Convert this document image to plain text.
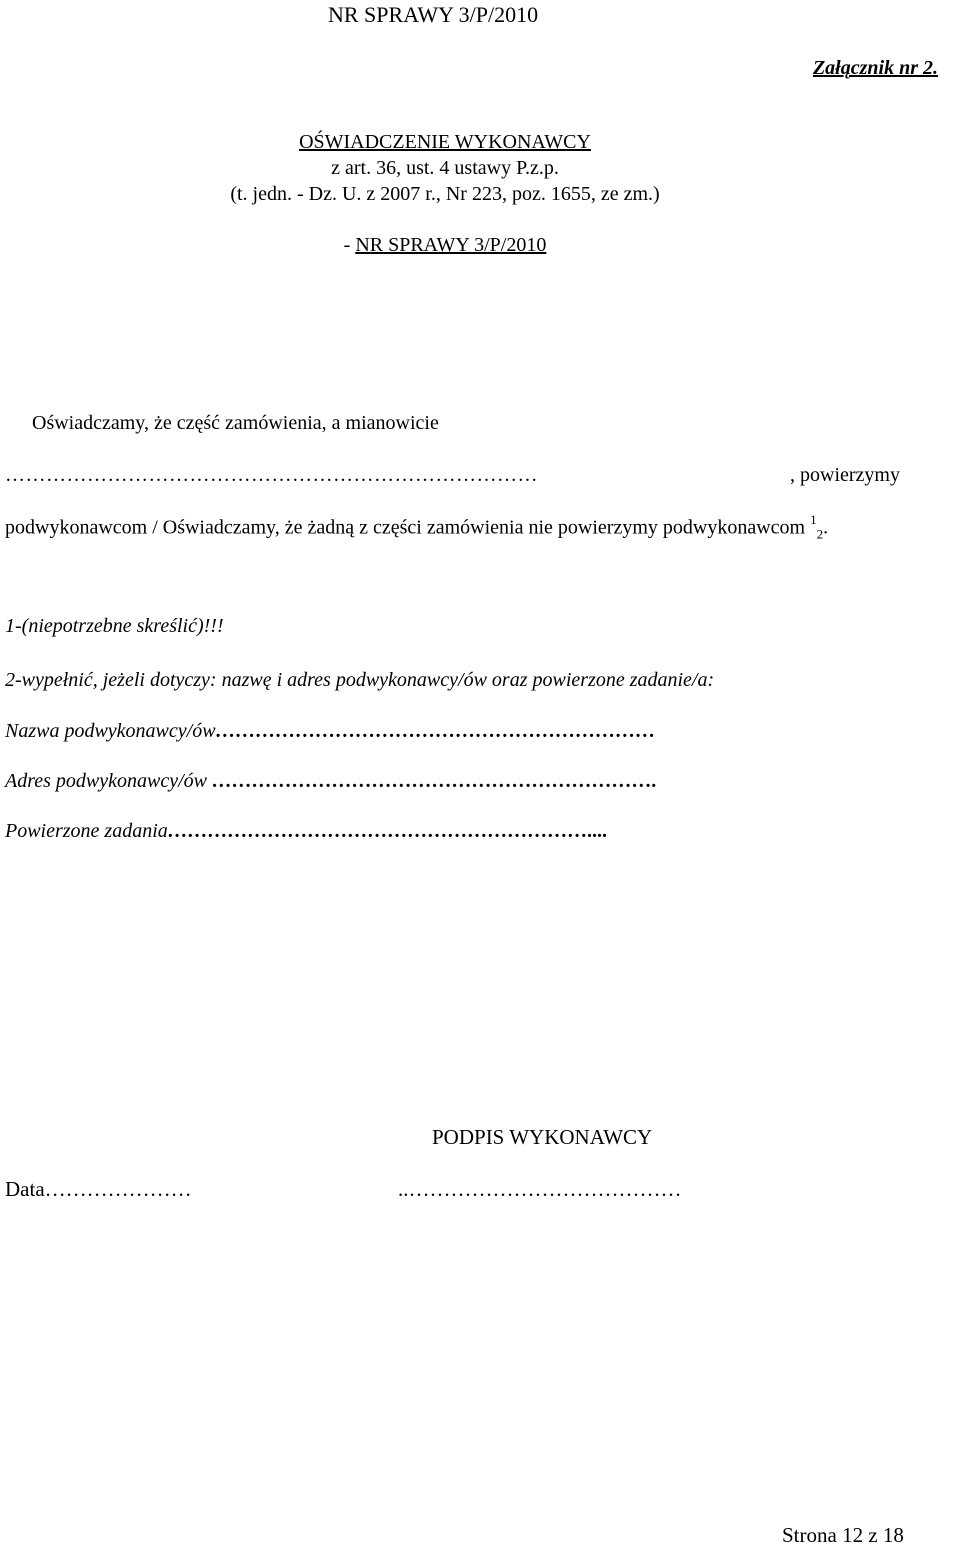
NR SPRAWY 3/P/2010
Załącznik nr 2.
OŚWIADCZENIE WYKONAWCY
z art. 36, ust. 4 ustawy P.z.p.
(t. jedn. - Dz. U. z 2007 r., Nr 223, poz. 1655, ze zm.)
- NR SPRAWY 3/P/2010
Oświadczamy, że część zamówienia, a mianowicie
……………………………………………………………………	, powierzymy
podwykonawcom / Oświadczamy, że żadną z części zamówienia nie powierzymy podwykonawcom $^1_2$.
1-(niepotrzebne skreślić)!!!
2-wypełnić, jeżeli dotyczy: nazwę i adres podwykonawcy/ów oraz powierzone zadanie/a:
Nazwa podwykonawcy/ów…………………………………………………………
Adres podwykonawcy/ów ………………………………………………………….
Powierzone zadania………………………………………………………....
PODPIS WYKONAWCY
Data…………………	..…………………………………
Strona 12 z 18
